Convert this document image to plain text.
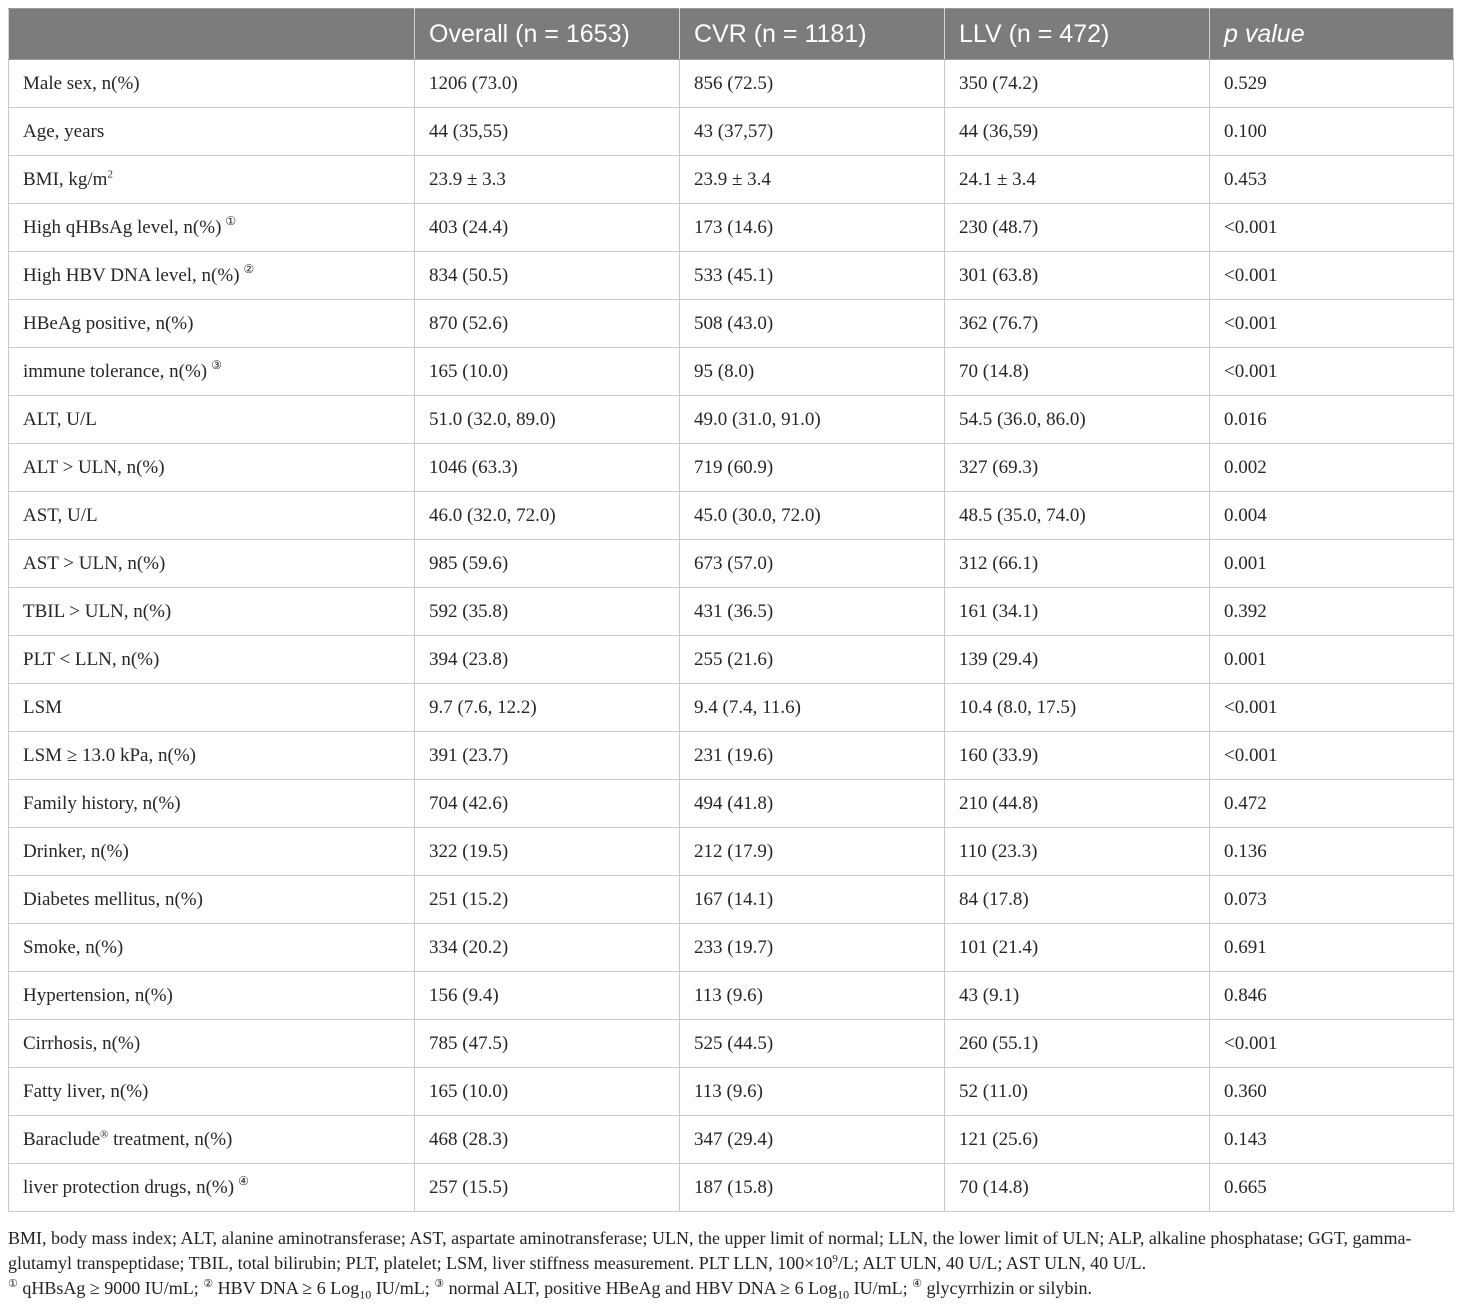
	Overall (n = 1653)	CVR (n = 1181)	LLV (n = 472)	p value
Male sex, n(%)	1206 (73.0)	856 (72.5)	350 (74.2)	0.529
Age, years	44 (35,55)	43 (37,57)	44 (36,59)	0.100
BMI, $kg/m^2$	23.9 ± 3.3	23.9 ± 3.4	24.1 ± 3.4	0.453
High qHBsAg level, n(%) ①	403 (24.4)	173 (14.6)	230 (48.7)	<0.001
High HBV DNA level, n(%) ②	834 (50.5)	533 (45.1)	301 (63.8)	<0.001
HBeAg positive, n(%)	870 (52.6)	508 (43.0)	362 (76.7)	<0.001
immune tolerance, n(%) ③	165 (10.0)	95 (8.0)	70 (14.8)	<0.001
ALT, U/L	51.0 (32.0, 89.0)	49.0 (31.0, 91.0)	54.5 (36.0, 86.0)	0.016
ALT > ULN, n(%)	1046 (63.3)	719 (60.9)	327 (69.3)	0.002
AST, U/L	46.0 (32.0, 72.0)	45.0 (30.0, 72.0)	48.5 (35.0, 74.0)	0.004
AST > ULN, n(%)	985 (59.6)	673 (57.0)	312 (66.1)	0.001
TBIL > ULN, n(%)	592 (35.8)	431 (36.5)	161 (34.1)	0.392
PLT < LLN, n(%)	394 (23.8)	255 (21.6)	139 (29.4)	0.001
LSM	9.7 (7.6, 12.2)	9.4 (7.4, 11.6)	10.4 (8.0, 17.5)	<0.001
LSM ≥ 13.0 kPa, n(%)	391 (23.7)	231 (19.6)	160 (33.9)	<0.001
Family history, n(%)	704 (42.6)	494 (41.8)	210 (44.8)	0.472
Drinker, n(%)	322 (19.5)	212 (17.9)	110 (23.3)	0.136
Diabetes mellitus, n(%)	251 (15.2)	167 (14.1)	84 (17.8)	0.073
Smoke, n(%)	334 (20.2)	233 (19.7)	101 (21.4)	0.691
Hypertension, n(%)	156 (9.4)	113 (9.6)	43 (9.1)	0.846
Cirrhosis, n(%)	785 (47.5)	525 (44.5)	260 (55.1)	<0.001
Fatty liver, n(%)	165 (10.0)	113 (9.6)	52 (11.0)	0.360
Baraclude® treatment, n(%)	468 (28.3)	347 (29.4)	121 (25.6)	0.143
liver protection drugs, n(%) ④	257 (15.5)	187 (15.8)	70 (14.8)	0.665

BMI, body mass index; ALT, alanine aminotransferase; AST, aspartate aminotransferase; ULN, the upper limit of normal; LLN, the lower limit of ULN; ALP, alkaline phosphatase; GGT, gamma-glutamyl transpeptidase; TBIL, total bilirubin; PLT, platelet; LSM, liver stiffness measurement. PLT LLN, $100\times 10^9/L$; ALT ULN, 40 U/L; AST ULN, 40 U/L.

① qHBsAg ≥ 9000 IU/mL; ② HBV DNA ≥ 6 Log$_{10}$ IU/mL; ③ normal ALT, positive HBeAg and HBV DNA ≥ 6 Log$_{10}$ IU/mL; ④ glycyrrhizin or silybin.
